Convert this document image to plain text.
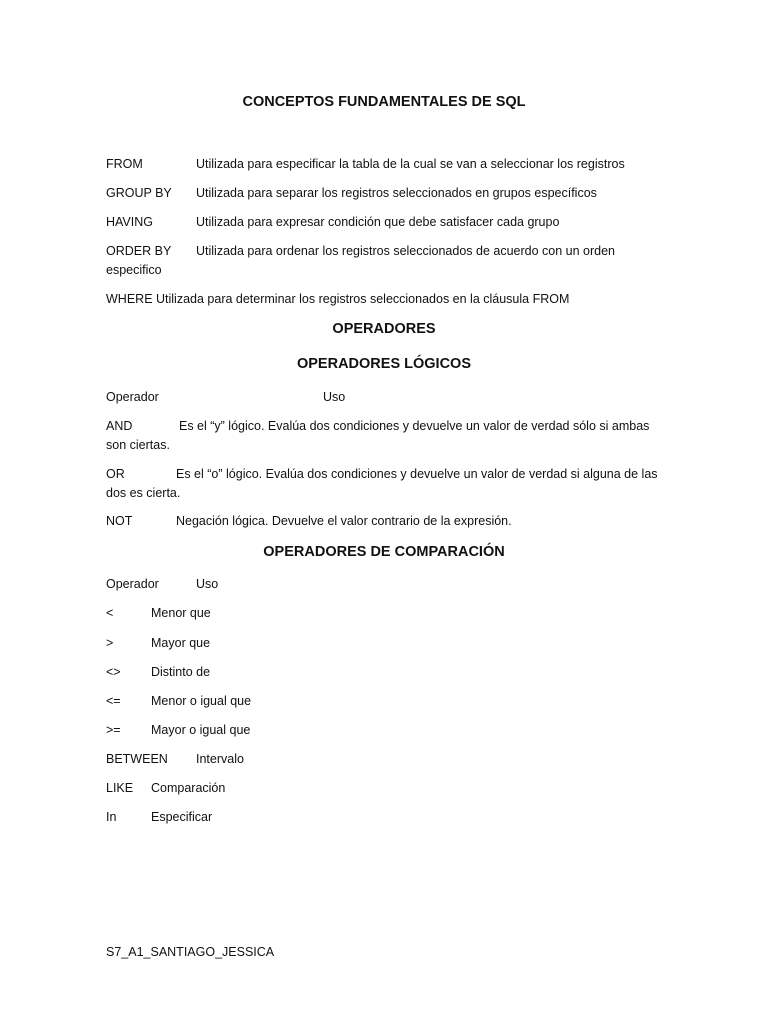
CONCEPTOS FUNDAMENTALES DE SQL
FROM	Utilizada para especificar la tabla de la cual se van a seleccionar los registros
GROUP BY Utilizada para separar los registros seleccionados en grupos específicos
HAVING	Utilizada para expresar condición que debe satisfacer cada grupo
ORDER BY Utilizada para ordenar los registros seleccionados de acuerdo con un orden
especifico
WHERE Utilizada para determinar los registros seleccionados en la cláusula FROM
OPERADORES
OPERADORES LÓGICOS
Operador	Uso
AND	Es el “y” lógico. Evalúa dos condiciones y devuelve un valor de verdad sólo si ambas
son ciertas.
OR	Es el “o” lógico. Evalúa dos condiciones y devuelve un valor de verdad si alguna de las
dos es cierta.
NOT	Negación lógica. Devuelve el valor contrario de la expresión.
OPERADORES DE COMPARACIÓN
Operador	Uso
<	Menor que
>	Mayor que
<> Distinto de
<= Menor o igual que
>= Mayor o igual que
BETWEEN Intervalo
LIKE Comparación
In	Especificar
S7_A1_SANTIAGO_JESSICA
